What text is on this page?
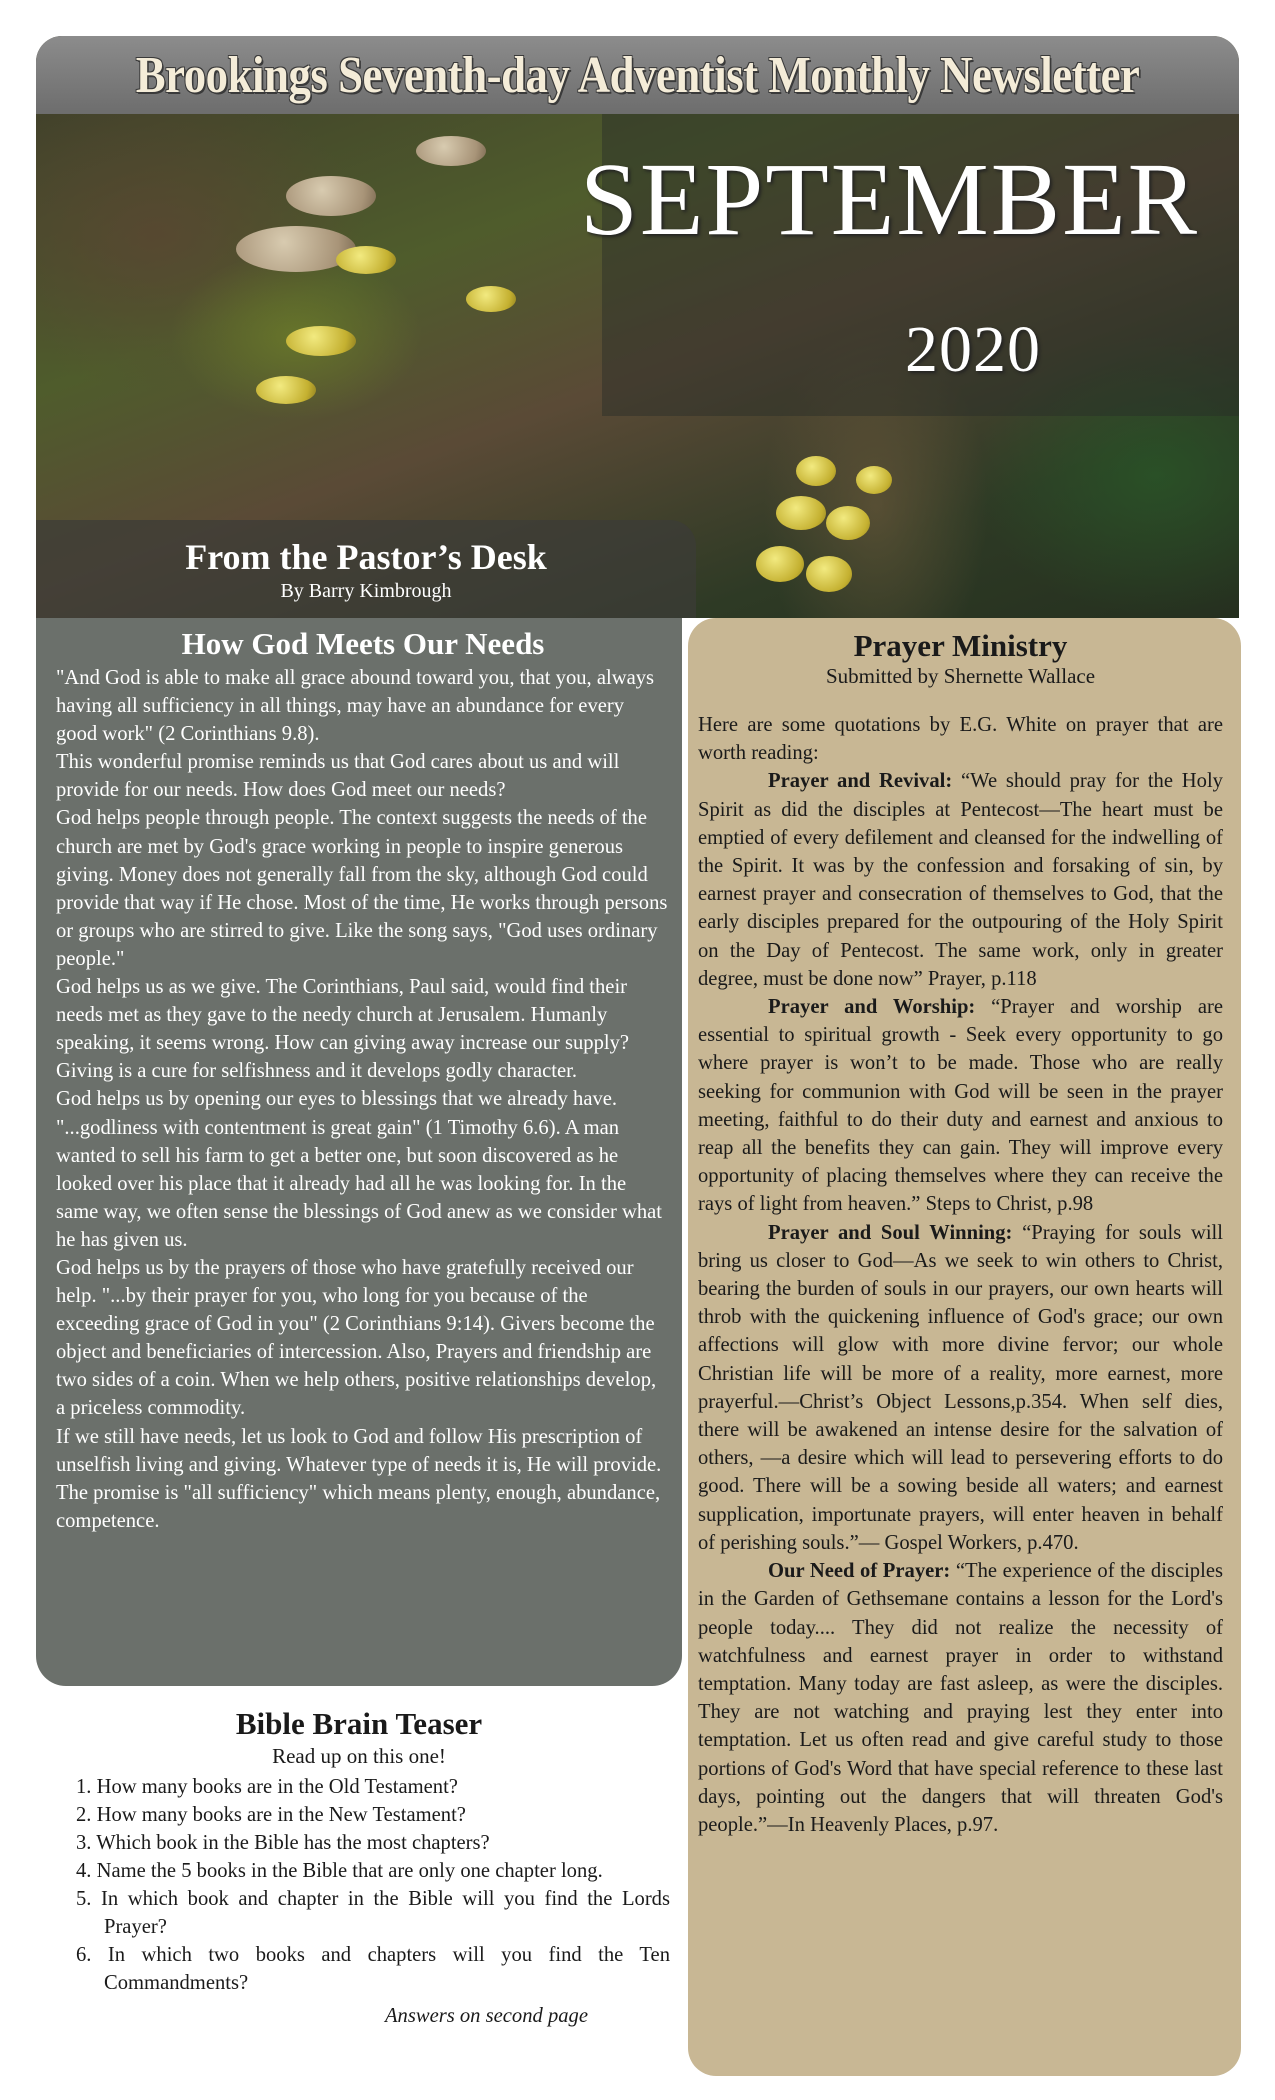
Brookings Seventh-day Adventist Monthly Newsletter
SEPTEMBER
2020
From the Pastor’s Desk
By Barry Kimbrough
How God Meets Our Needs

"And God is able to make all grace abound toward you, that you, always having all sufficiency in all things, may have an abundance for every good work" (2 Corinthians 9.8).

This wonderful promise reminds us that God cares about us and will provide for our needs. How does God meet our needs?

God helps people through people. The context suggests the needs of the church are met by God's grace working in people to inspire generous giving. Money does not generally fall from the sky, although God could provide that way if He chose. Most of the time, He works through persons or groups who are stirred to give. Like the song says, "God uses ordinary people."

God helps us as we give. The Corinthians, Paul said, would find their needs met as they gave to the needy church at Jerusalem. Humanly speaking, it seems wrong. How can giving away increase our supply? Giving is a cure for selfishness and it develops godly character.

God helps us by opening our eyes to blessings that we already have. "...godliness with contentment is great gain" (1 Timothy 6.6). A man wanted to sell his farm to get a better one, but soon discovered as he looked over his place that it already had all he was looking for. In the same way, we often sense the blessings of God anew as we consider what he has given us.

God helps us by the prayers of those who have gratefully received our help. "...by their prayer for you, who long for you because of the exceeding grace of God in you" (2 Corinthians 9:14). Givers become the object and beneficiaries of intercession. Also, Prayers and friendship are two sides of a coin. When we help others, positive relationships develop, a priceless commodity.

If we still have needs, let us look to God and follow His prescription of unselfish living and giving. Whatever type of needs it is, He will provide. The promise is "all sufficiency" which means plenty, enough, abundance, competence.

Prayer Ministry
Submitted by Shernette Wallace

Here are some quotations by E.G. White on prayer that are worth reading:

Prayer and Revival: “We should pray for the Holy Spirit as did the disciples at Pentecost—The heart must be emptied of every defilement and cleansed for the indwelling of the Spirit. It was by the confession and forsaking of sin, by earnest prayer and consecration of themselves to God, that the early disciples prepared for the outpouring of the Holy Spirit on the Day of Pentecost. The same work, only in greater degree, must be done now” Prayer, p.118

Prayer and Worship: “Prayer and worship are essential to spiritual growth - Seek every opportunity to go where prayer is won’t to be made. Those who are really seeking for communion with God will be seen in the prayer meeting, faithful to do their duty and earnest and anxious to reap all the benefits they can gain. They will improve every opportunity of placing themselves where they can receive the rays of light from heaven.” Steps to Christ, p.98

Prayer and Soul Winning: “Praying for souls will bring us closer to God—As we seek to win others to Christ, bearing the burden of souls in our prayers, our own hearts will throb with the quickening influence of God's grace; our own affections will glow with more divine fervor; our whole Christian life will be more of a reality, more earnest, more prayerful.—Christ’s Object Lessons,p.354. When self dies, there will be awakened an intense desire for the salvation of others, —a desire which will lead to persevering efforts to do good. There will be a sowing beside all waters; and earnest supplication, importunate prayers, will enter heaven in behalf of perishing souls.”— Gospel Workers, p.470.

Our Need of Prayer: “The experience of the disciples in the Garden of Gethsemane contains a lesson for the Lord's people today.... They did not realize the necessity of watchfulness and earnest prayer in order to withstand temptation. Many today are fast asleep, as were the disciples. They are not watching and praying lest they enter into temptation. Let us often read and give careful study to those portions of God's Word that have special reference to these last days, pointing out the dangers that will threaten God's people.”—In Heavenly Places, p.97.

Bible Brain Teaser
Read up on this one!
1. How many books are in the Old Testament?
2. How many books are in the New Testament?
3. Which book in the Bible has the most chapters?
4. Name the 5 books in the Bible that are only one chapter long.
5. In which book and chapter in the Bible will you find the Lords Prayer?
6. In which two books and chapters will you find the Ten Commandments?
Answers on second page
